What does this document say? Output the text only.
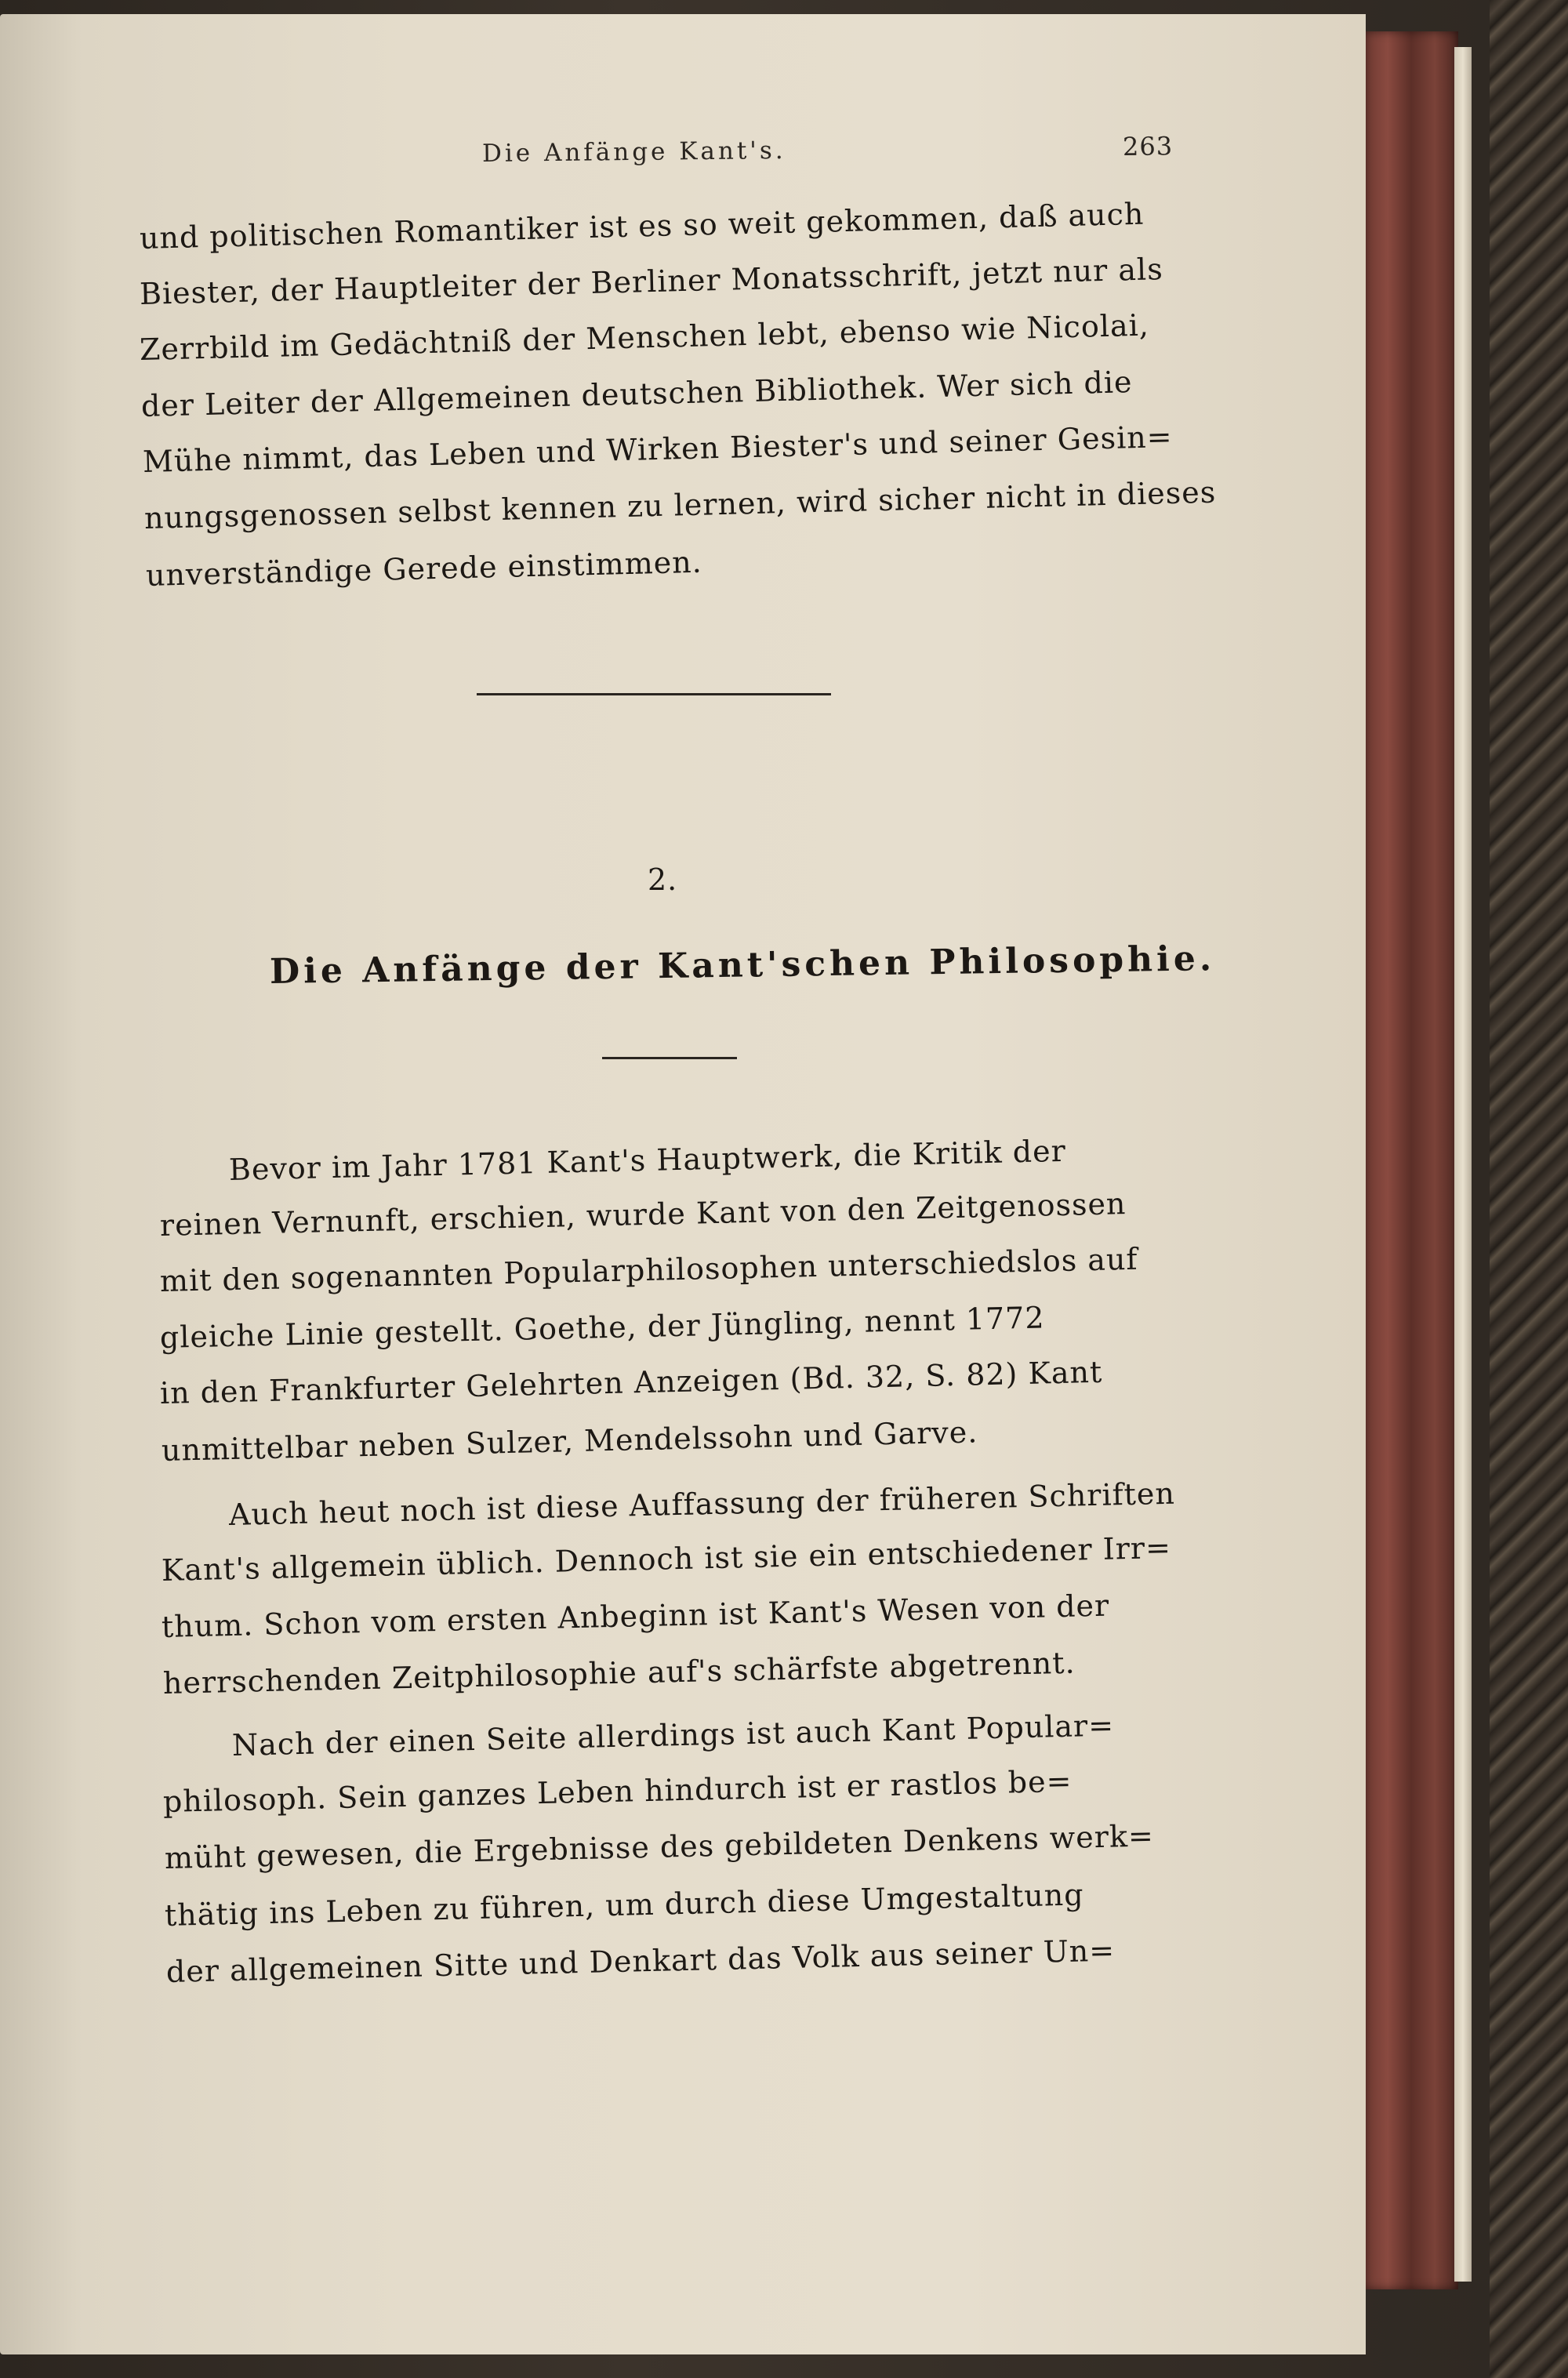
Die Anfänge Kant's.	263

und politischen Romantiker ist es so weit gekommen, daß auch

Biester, der Hauptleiter der Berliner Monatsschrift, jetzt nur als

Zerrbild im Gedächtniß der Menschen lebt, ebenso wie Nicolai,

der Leiter der Allgemeinen deutschen Bibliothek. Wer sich die

Mühe nimmt, das Leben und Wirken Biester's und seiner Gesin=

nungsgenossen selbst kennen zu lernen, wird sicher nicht in dieses

unverständige Gerede einstimmen.

2.

Die Anfänge der Kant'schen Philosophie.

Bevor im Jahr 1781 Kant's Hauptwerk, die Kritik der

reinen Vernunft, erschien, wurde Kant von den Zeitgenossen

mit den sogenannten Popularphilosophen unterschiedslos auf

gleiche Linie gestellt. Goethe, der Jüngling, nennt 1772

in den Frankfurter Gelehrten Anzeigen (Bd. 32, S. 82) Kant

unmittelbar neben Sulzer, Mendelssohn und Garve.

Auch heut noch ist diese Auffassung der früheren Schriften

Kant's allgemein üblich. Dennoch ist sie ein entschiedener Irr=

thum. Schon vom ersten Anbeginn ist Kant's Wesen von der

herrschenden Zeitphilosophie auf's schärfste abgetrennt.

Nach der einen Seite allerdings ist auch Kant Popular=

philosoph. Sein ganzes Leben hindurch ist er rastlos be=

müht gewesen, die Ergebnisse des gebildeten Denkens werk=

thätig ins Leben zu führen, um durch diese Umgestaltung

der allgemeinen Sitte und Denkart das Volk aus seiner Un=
